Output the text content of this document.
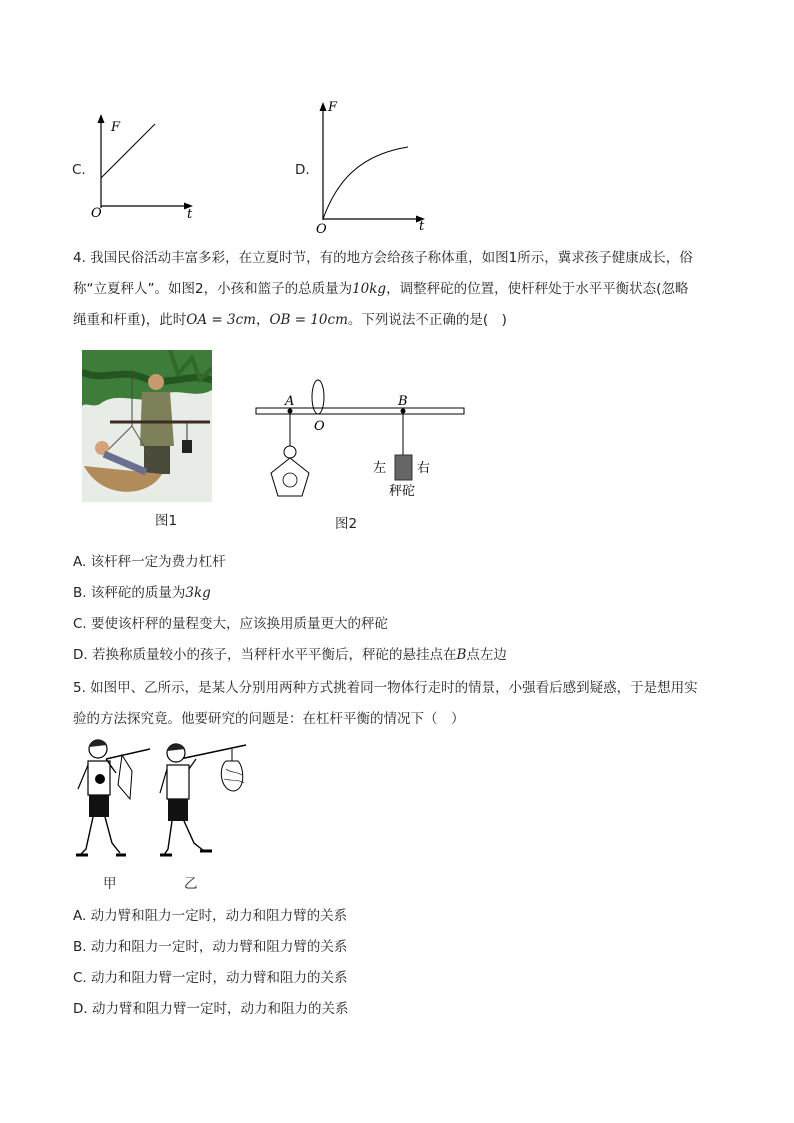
C.
F
t
O
D.
F
t
O
4. 我国民俗活动丰富多彩，在立夏时节，有的地方会给孩子称体重，如图1所示，冀求孩子健康成长，俗
称“立夏秤人”。如图2，小孩和篮子的总质量为10kg，调整秤砣的位置，使杆秤处于水平平衡状态(忽略
绳重和杆重)，此时OA = 3cm，OB = 10cm。下列说法不正确的是(　)
图1
A
O
B
左 右
秤砣
图2
A. 该杆秤一定为费力杠杆
B. 该秤砣的质量为3kg
C. 要使该杆秤的量程变大，应该换用质量更大的秤砣
D. 若换称质量较小的孩子，当秤杆水平平衡后，秤砣的悬挂点在B点左边
5. 如图甲、乙所示，是某人分别用两种方式挑着同一物体行走时的情景，小强看后感到疑惑，于是想用实
验的方法探究竟。他要研究的问题是：在杠杆平衡的情况下（　）
甲	乙
A. 动力臂和阻力一定时，动力和阻力臂的关系
B. 动力和阻力一定时，动力臂和阻力臂的关系
C. 动力和阻力臂一定时，动力臂和阻力的关系
D. 动力臂和阻力臂一定时，动力和阻力的关系
